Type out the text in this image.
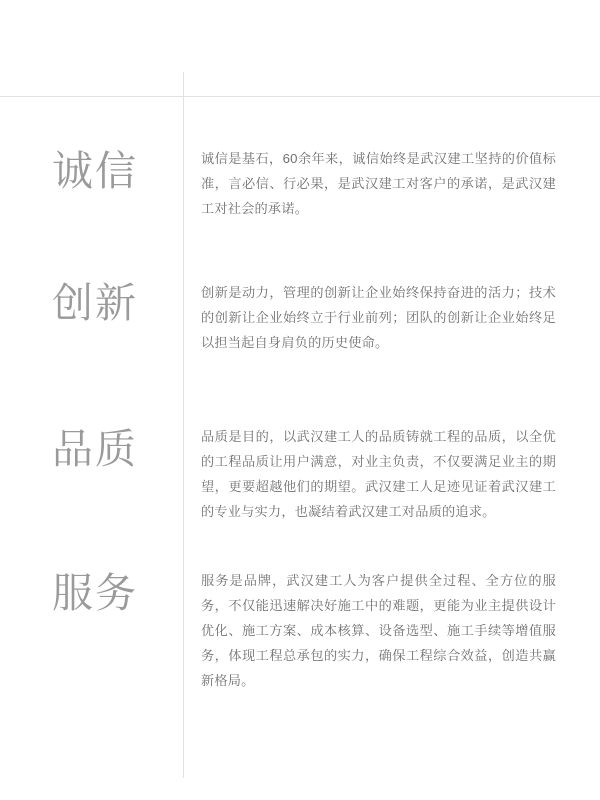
诚信	诚信是基石，60余年来，诚信始终是武汉建工坚持的价值标准，言必信、行必果，是武汉建工对客户的承诺，是武汉建工对社会的承诺。
创新	创新是动力，管理的创新让企业始终保持奋进的活力；技术的创新让企业始终立于行业前列；团队的创新让企业始终足以担当起自身肩负的历史使命。
品质	品质是目的，以武汉建工人的品质铸就工程的品质，以全优的工程品质让用户满意，对业主负责，不仅要满足业主的期望，更要超越他们的期望。武汉建工人足迹见证着武汉建工的专业与实力，也凝结着武汉建工对品质的追求。
服务	服务是品牌，武汉建工人为客户提供全过程、全方位的服务，不仅能迅速解决好施工中的难题，更能为业主提供设计优化、施工方案、成本核算、设备选型、施工手续等增值服务，体现工程总承包的实力，确保工程综合效益，创造共赢新格局。
